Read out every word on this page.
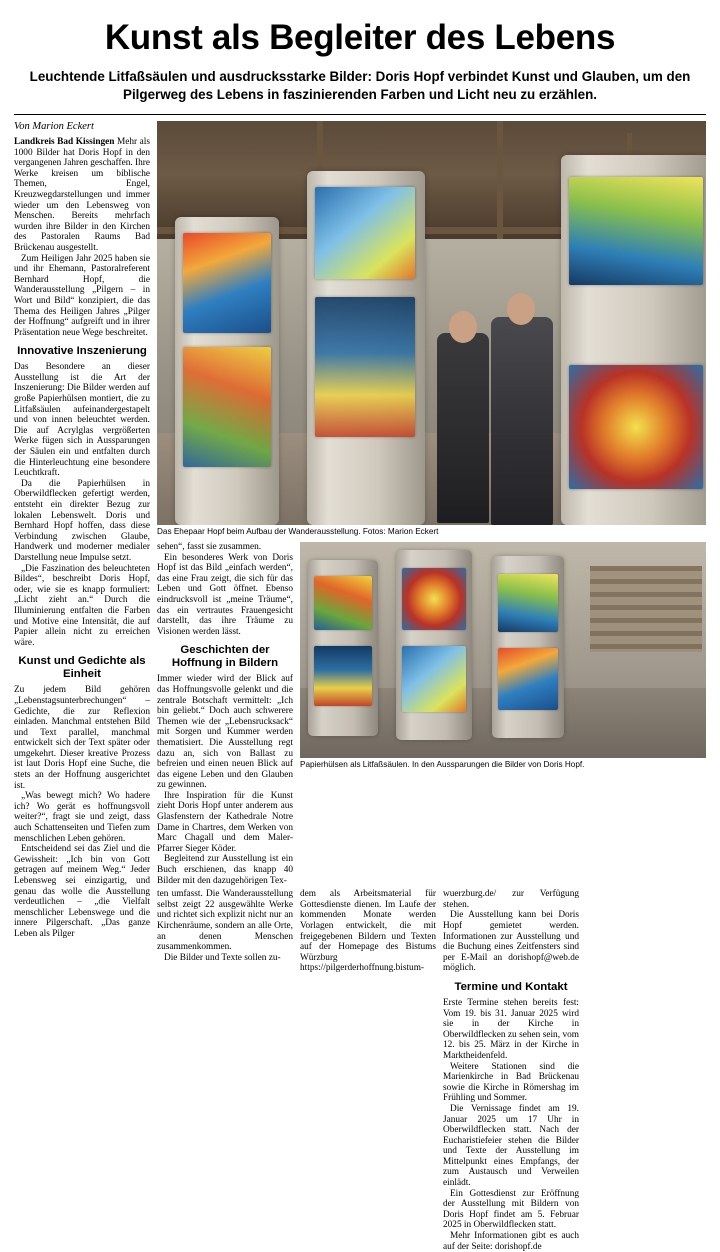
Kunst als Begleiter des Lebens
Leuchtende Litfaßsäulen und ausdrucksstarke Bilder: Doris Hopf verbindet Kunst und Glauben, um den Pilgerweg des Lebens in faszinierenden Farben und Licht neu zu erzählen.
Von Marion Eckert

Landkreis Bad Kissingen Mehr als 1000 Bilder hat Doris Hopf in den vergangenen Jahren geschaffen. Ihre Werke kreisen um biblische Themen, Engel, Kreuzwegdarstellungen und immer wieder um den Lebensweg von Menschen. Bereits mehrfach wurden ihre Bilder in den Kirchen des Pastoralen Raums Bad Brückenau ausgestellt.

Zum Heiligen Jahr 2025 haben sie und ihr Ehemann, Pastoralreferent Bernhard Hopf, die Wanderausstellung „Pilgern – in Wort und Bild“ konzipiert, die das Thema des Heiligen Jahres „Pilger der Hoffnung“ aufgreift und in ihrer Präsentation neue Wege beschreitet.

Innovative Inszenierung

Das Besondere an dieser Ausstellung ist die Art der Inszenierung: Die Bilder werden auf große Papierhülsen montiert, die zu Litfaßsäulen aufeinandergestapelt und von innen beleuchtet werden. Die auf Acrylglas vergrößerten Werke fügen sich in Aussparungen der Säulen ein und entfalten durch die Hinterleuchtung eine besondere Leuchtkraft.

Da die Papierhülsen in Oberwildflecken gefertigt werden, entsteht ein direkter Bezug zur lokalen Lebenswelt. Doris und Bernhard Hopf hoffen, dass diese Verbindung zwischen Glaube, Handwerk und moderner medialer Darstellung neue Impulse setzt.

„Die Faszination des beleuchteten Bildes“, beschreibt Doris Hopf, oder, wie sie es knapp formuliert: „Licht zieht an.“ Durch die Illuminierung entfalten die Farben und Motive eine Intensität, die auf Papier allein nicht zu erreichen wäre.

Kunst und Gedichte als Einheit

Zu jedem Bild gehören „Lebenstagsunterbrechungen“ – Gedichte, die zur Reflexion einladen. Manchmal entstehen Bild und Text parallel, manchmal entwickelt sich der Text später oder umgekehrt. Dieser kreative Prozess ist laut Doris Hopf eine Suche, die stets an der Hoffnung ausgerichtet ist.

„Was bewegt mich? Wo hadere ich? Wo gerät es hoffnungsvoll weiter?“, fragt sie und zeigt, dass auch Schattenseiten und Tiefen zum menschlichen Leben gehören.

Entscheidend sei das Ziel und die Gewissheit: „Ich bin von Gott getragen auf meinem Weg.“ Jeder Lebensweg sei einzigartig, und genau das wolle die Ausstellung verdeutlichen – „die Vielfalt menschlicher Lebenswege und die innere Pilgerschaft. „Das ganze Leben als Pilger

Das Ehepaar Hopf beim Aufbau der Wanderausstellung. Fotos: Marion Eckert

sehen“, fasst sie zusammen.

Ein besonderes Werk von Doris Hopf ist das Bild „einfach werden“, das eine Frau zeigt, die sich für das Leben und Gott öffnet. Ebenso eindrucksvoll ist „meine Träume“, das ein vertrautes Frauengesicht darstellt, das ihre Träume zu Visionen werden lässt.

Geschichten der Hoffnung in Bildern

Immer wieder wird der Blick auf das Hoffnungsvolle gelenkt und die zentrale Botschaft vermittelt: „Ich bin geliebt.“ Doch auch schwerere Themen wie der „Lebensrucksack“ mit Sorgen und Kummer werden thematisiert. Die Ausstellung regt dazu an, sich von Ballast zu befreien und einen neuen Blick auf das eigene Leben und den Glauben zu gewinnen.

Ihre Inspiration für die Kunst zieht Doris Hopf unter anderem aus Glasfenstern der Kathedrale Notre Dame in Chartres, dem Werken von Marc Chagall und dem Maler-Pfarrer Sieger Köder.

Begleitend zur Ausstellung ist ein Buch erschienen, das knapp 40 Bilder mit den dazugehörigen Tex-

Papierhülsen als Litfaßsäulen. In den Aussparungen die Bilder von Doris Hopf.

ten umfasst. Die Wanderausstellung selbst zeigt 22 ausgewählte Werke und richtet sich explizit nicht nur an Kirchenräume, sondern an alle Orte, an denen Menschen zusammenkommen.

Die Bilder und Texte sollen zu-

dem als Arbeitsmaterial für Gottesdienste dienen. Im Laufe der kommenden Monate werden Vorlagen entwickelt, die mit freigegebenen Bildern und Texten auf der Homepage des Bistums Würzburg https://pilgerderhoffnung.bistum-

wuerzburg.de/ zur Verfügung stehen.

Die Ausstellung kann bei Doris Hopf gemietet werden. Informationen zur Ausstellung und die Buchung eines Zeitfensters sind per E-Mail an dorishopf@web.de möglich.

Termine und Kontakt

Erste Termine stehen bereits fest: Vom 19. bis 31. Januar 2025 wird sie in der Kirche in Oberwildflecken zu sehen sein, vom 12. bis 25. März in der Kirche in Marktheidenfeld.

Weitere Stationen sind die Marienkirche in Bad Brückenau sowie die Kirche in Römershag im Frühling und Sommer.

Die Vernissage findet am 19. Januar 2025 um 17 Uhr in Oberwildflecken statt. Nach der Eucharistiefeier stehen die Bilder und Texte der Ausstellung im Mittelpunkt eines Empfangs, der zum Austausch und Verweilen einlädt.

Ein Gottesdienst zur Eröffnung der Ausstellung mit Bildern von Doris Hopf findet am 5. Februar 2025 in Oberwildflecken statt.

Mehr Informationen gibt es auch auf der Seite: dorishopf.de
